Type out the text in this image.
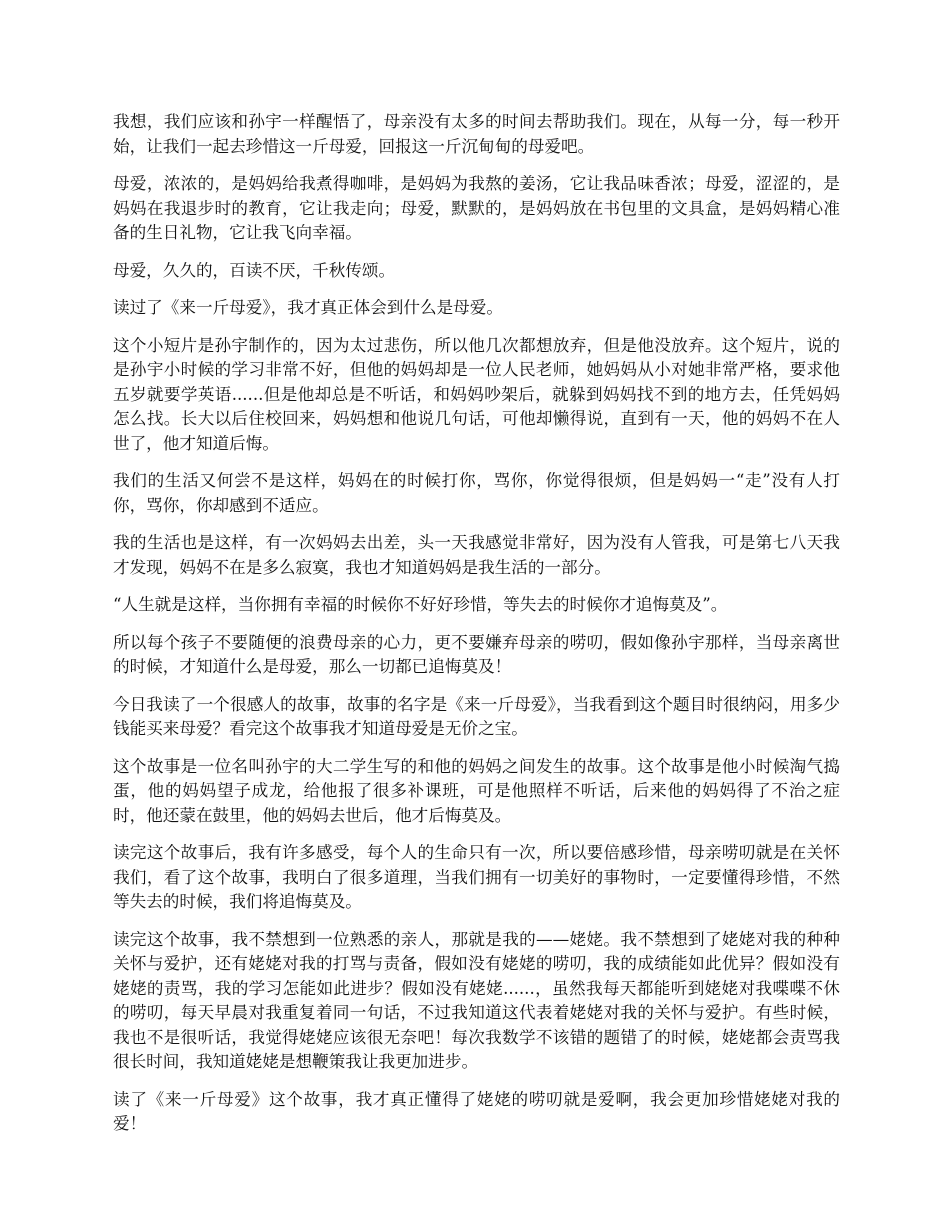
我想，我们应该和孙宇一样醒悟了，母亲没有太多的时间去帮助我们。现在，从每一分，每一秒开始，让我们一起去珍惜这一斤母爱，回报这一斤沉甸甸的母爱吧。

母爱，浓浓的，是妈妈给我煮得咖啡，是妈妈为我熬的姜汤，它让我品味香浓；母爱，涩涩的，是妈妈在我退步时的教育，它让我走向；母爱，默默的，是妈妈放在书包里的文具盒，是妈妈精心准备的生日礼物，它让我飞向幸福。

母爱，久久的，百读不厌，千秋传颂。

读过了《来一斤母爱》，我才真正体会到什么是母爱。

这个小短片是孙宇制作的，因为太过悲伤，所以他几次都想放弃，但是他没放弃。这个短片，说的是孙宇小时候的学习非常不好，但他的妈妈却是一位人民老师，她妈妈从小对她非常严格，要求他五岁就要学英语......但是他却总是不听话，和妈妈吵架后，就躲到妈妈找不到的地方去，任凭妈妈怎么找。长大以后住校回来，妈妈想和他说几句话，可他却懒得说，直到有一天，他的妈妈不在人世了，他才知道后悔。

我们的生活又何尝不是这样，妈妈在的时候打你，骂你，你觉得很烦，但是妈妈一“走”没有人打你，骂你，你却感到不适应。

我的生活也是这样，有一次妈妈去出差，头一天我感觉非常好，因为没有人管我，可是第七八天我才发现，妈妈不在是多么寂寞，我也才知道妈妈是我生活的一部分。

“人生就是这样，当你拥有幸福的时候你不好好珍惜，等失去的时候你才追悔莫及”。

所以每个孩子不要随便的浪费母亲的心力，更不要嫌弃母亲的唠叨，假如像孙宇那样，当母亲离世的时候，才知道什么是母爱，那么一切都已追悔莫及！

今日我读了一个很感人的故事，故事的名字是《来一斤母爱》，当我看到这个题目时很纳闷，用多少钱能买来母爱？看完这个故事我才知道母爱是无价之宝。

这个故事是一位名叫孙宇的大二学生写的和他的妈妈之间发生的故事。这个故事是他小时候淘气捣蛋，他的妈妈望子成龙，给他报了很多补课班，可是他照样不听话，后来他的妈妈得了不治之症时，他还蒙在鼓里，他的妈妈去世后，他才后悔莫及。

读完这个故事后，我有许多感受，每个人的生命只有一次，所以要倍感珍惜，母亲唠叨就是在关怀我们，看了这个故事，我明白了很多道理，当我们拥有一切美好的事物时，一定要懂得珍惜，不然等失去的时候，我们将追悔莫及。

读完这个故事，我不禁想到一位熟悉的亲人，那就是我的——姥姥。我不禁想到了姥姥对我的种种关怀与爱护，还有姥姥对我的打骂与责备，假如没有姥姥的唠叨，我的成绩能如此优异？假如没有姥姥的责骂，我的学习怎能如此进步？假如没有姥姥......，虽然我每天都能听到姥姥对我喋喋不休的唠叨，每天早晨对我重复着同一句话，不过我知道这代表着姥姥对我的关怀与爱护。有些时候，我也不是很听话，我觉得姥姥应该很无奈吧！每次我数学不该错的题错了的时候，姥姥都会责骂我很长时间，我知道姥姥是想鞭策我让我更加进步。

读了《来一斤母爱》这个故事，我才真正懂得了姥姥的唠叨就是爱啊，我会更加珍惜姥姥对我的爱！
